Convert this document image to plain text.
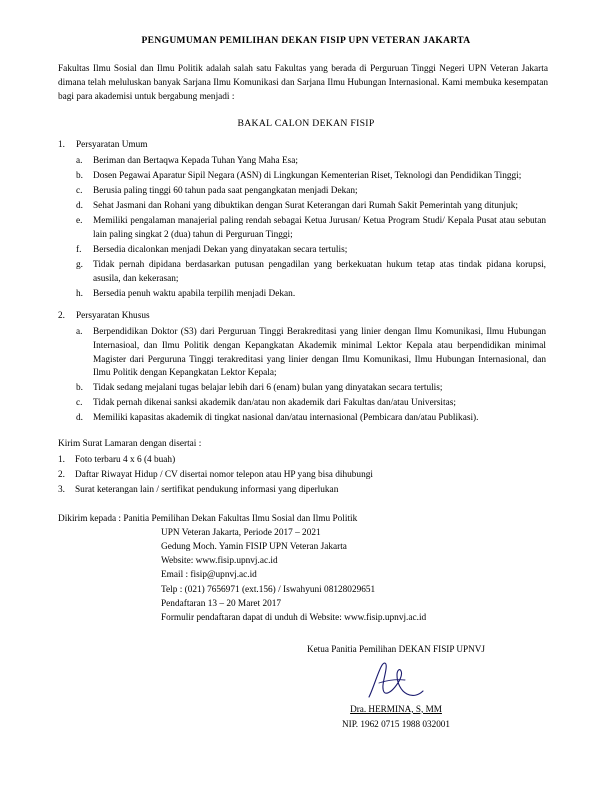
PENGUMUMAN PEMILIHAN DEKAN FISIP UPN VETERAN JAKARTA

Fakultas Ilmu Sosial dan Ilmu Politik adalah salah satu Fakultas yang berada di Perguruan Tinggi Negeri UPN Veteran Jakarta dimana telah meluluskan banyak Sarjana Ilmu Komunikasi dan Sarjana Ilmu Hubungan Internasional. Kami membuka kesempatan bagi para akademisi untuk bergabung menjadi :

BAKAL CALON DEKAN FISIP
1.	Persyaratan Umum
a.	Beriman dan Bertaqwa Kepada Tuhan Yang Maha Esa;
b.	Dosen Pegawai Aparatur Sipil Negara (ASN) di Lingkungan Kementerian Riset, Teknologi dan Pendidikan Tinggi;
c.	Berusia paling tinggi 60 tahun pada saat pengangkatan menjadi Dekan;
d.	Sehat Jasmani dan Rohani yang dibuktikan dengan Surat Keterangan dari Rumah Sakit Pemerintah yang ditunjuk;
e.	Memiliki pengalaman manajerial paling rendah sebagai Ketua Jurusan/ Ketua Program Studi/ Kepala Pusat atau sebutan lain paling singkat 2 (dua) tahun di Perguruan Tinggi;
f.	Bersedia dicalonkan menjadi Dekan yang dinyatakan secara tertulis;
g.	Tidak pernah dipidana berdasarkan putusan pengadilan yang berkekuatan hukum tetap atas tindak pidana korupsi, asusila, dan kekerasan;
h.	Bersedia penuh waktu apabila terpilih menjadi Dekan.
2.	Persyaratan Khusus
a.	Berpendidikan Doktor (S3) dari Perguruan Tinggi Berakreditasi yang linier dengan Ilmu Komunikasi, Ilmu Hubungan Internasioal, dan Ilmu Politik dengan Kepangkatan Akademik minimal Lektor Kepala atau berpendidikan minimal Magister dari Perguruna Tinggi terakreditasi yang linier dengan Ilmu Komunikasi, Ilmu Hubungan Internasional, dan Ilmu Politik dengan Kepangkatan Lektor Kepala;
b.	Tidak sedang mejalani tugas belajar lebih dari 6 (enam) bulan yang dinyatakan secara tertulis;
c.	Tidak pernah dikenai sanksi akademik dan/atau non akademik dari Fakultas dan/atau Universitas;
d.	Memiliki kapasitas akademik di tingkat nasional dan/atau internasional (Pembicara dan/atau Publikasi).
Kirim Surat Lamaran dengan disertai :
1. Foto terbaru 4 x 6 (4 buah)
2. Daftar Riwayat Hidup / CV disertai nomor telepon atau HP yang bisa dihubungi
3. Surat keterangan lain / sertifikat pendukung informasi yang diperlukan
Dikirim kepada : Panitia Pemilihan Dekan Fakultas Ilmu Sosial dan Ilmu Politik
UPN Veteran Jakarta, Periode 2017 – 2021
Gedung Moch. Yamin FISIP UPN Veteran Jakarta
Website: www.fisip.upnvj.ac.id
Email : fisip@upnvj.ac.id
Telp : (021) 7656971 (ext.156) / Iswahyuni 08128029651
Pendaftaran 13 – 20 Maret 2017
Formulir pendaftaran dapat di unduh di Website: www.fisip.upnvj.ac.id
Ketua Panitia Pemilihan DEKAN FISIP UPNVJ
Dra. HERMINA, S, MM
NIP. 1962 0715 1988 032001
